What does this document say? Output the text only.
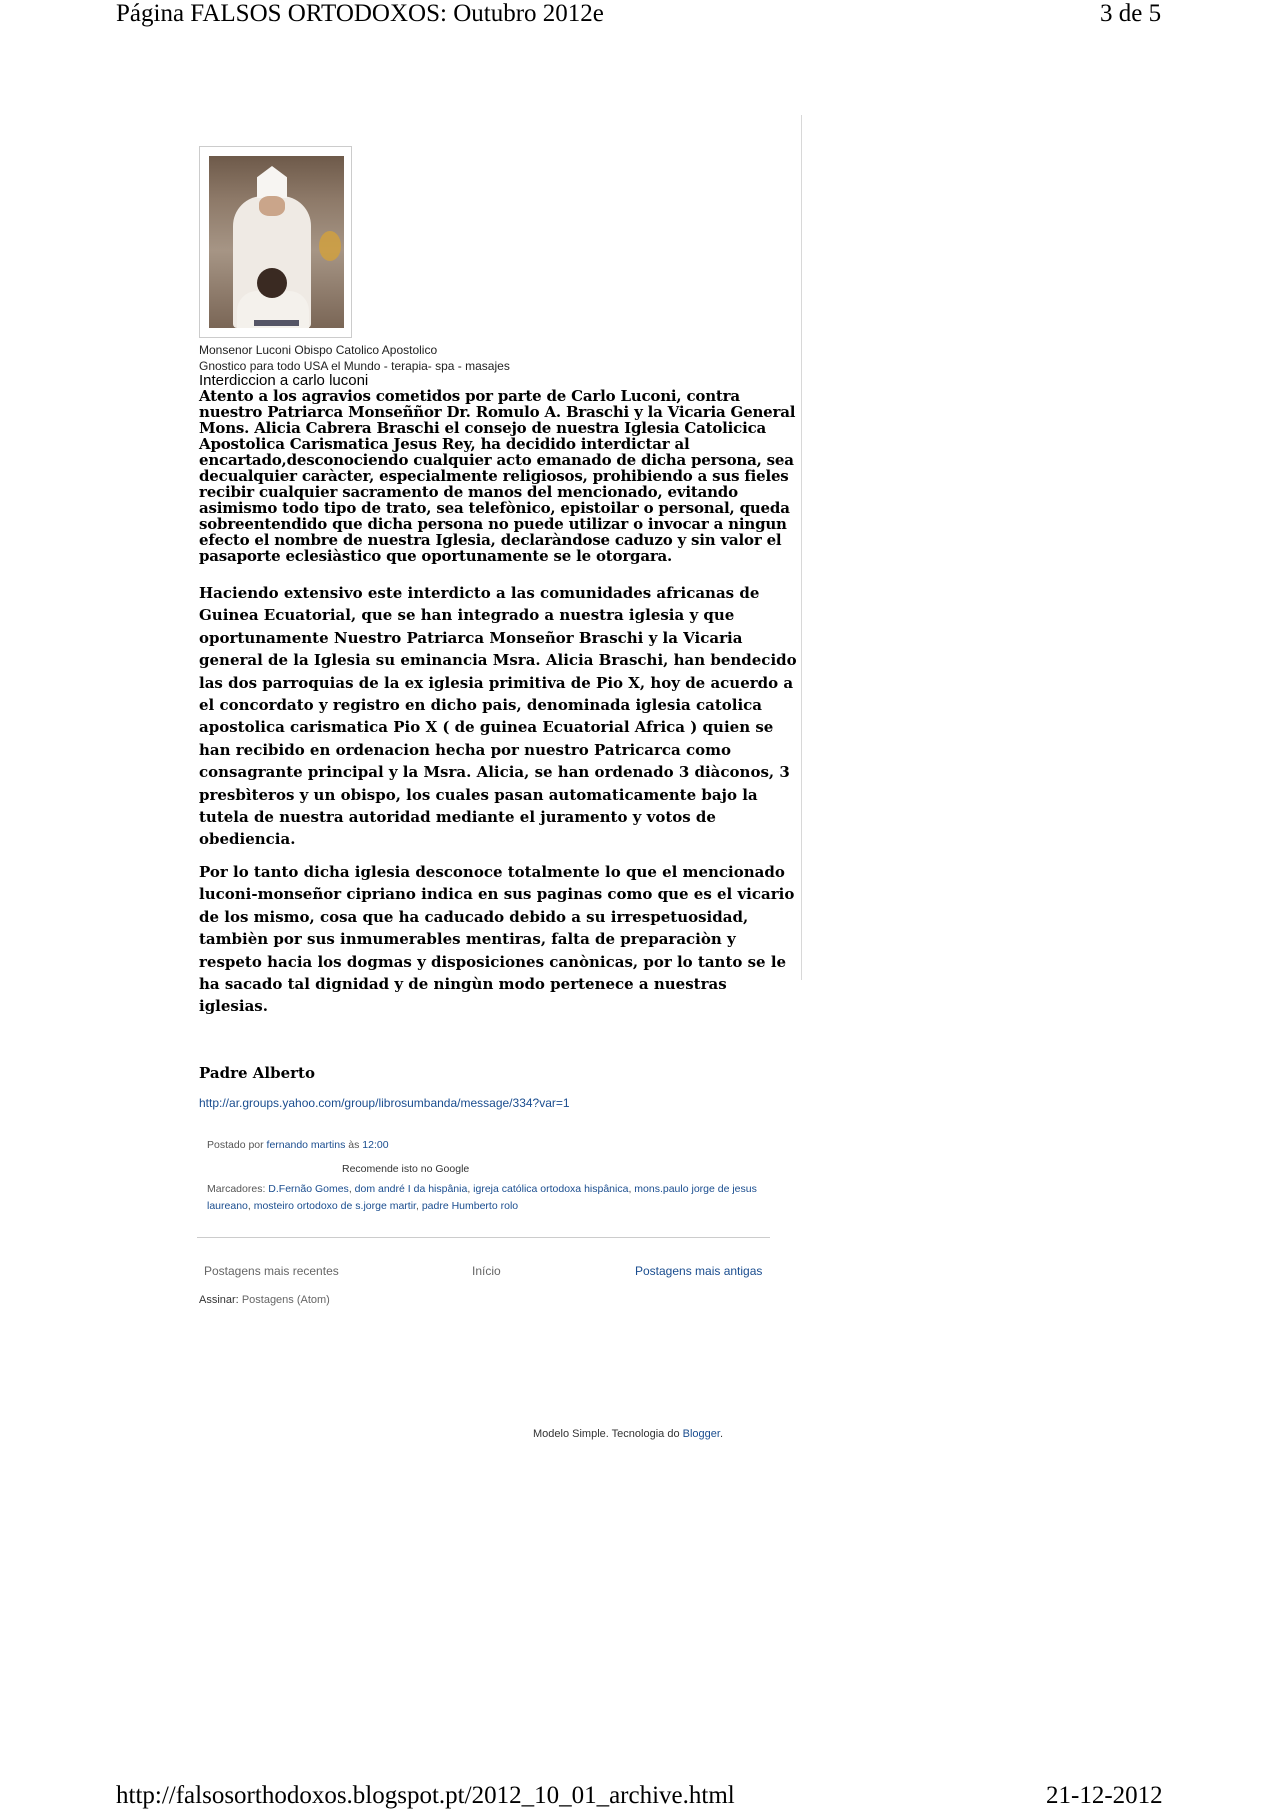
Página FALSOS ORTODOXOS: Outubro 2012e	3 de 5
Monsenor Luconi Obispo Catolico Apostolico
Gnostico para todo USA el Mundo - terapia- spa - masajes
Interdiccion a carlo luconi
Atento a los agravios cometidos por parte de Carlo Luconi, contra nuestro Patriarca Monseññor Dr. Romulo A. Braschi y la Vicaria General Mons. Alicia Cabrera Braschi el consejo de nuestra Iglesia Catolicica Apostolica Carismatica Jesus Rey, ha decidido interdictar al encartado,desconociendo cualquier acto emanado de dicha persona, sea decualquier caràcter, especialmente religiosos, prohibiendo a sus fieles recibir cualquier sacramento de manos del mencionado, evitando asimismo todo tipo de trato, sea telefònico, epistoilar o personal, queda sobreentendido que dicha persona no puede utilizar o invocar a ningun efecto el nombre de nuestra Iglesia, declaràndose caduzo y sin valor el pasaporte eclesiàstico que oportunamente se le otorgara.
Haciendo extensivo este interdicto a las comunidades africanas de Guinea Ecuatorial, que se han integrado a nuestra iglesia y que oportunamente Nuestro Patriarca Monseñor Braschi y la Vicaria general de la Iglesia su eminancia Msra. Alicia Braschi, han bendecido las dos parroquias de la ex iglesia primitiva de Pio X, hoy de acuerdo a el concordato y registro en dicho pais, denominada iglesia catolica apostolica carismatica Pio X ( de guinea Ecuatorial Africa ) quien se han recibido en ordenacion hecha por nuestro Patricarca como consagrante principal y la Msra. Alicia, se han ordenado 3 diàconos, 3 presbìteros y un obispo, los cuales pasan automaticamente bajo la tutela de nuestra autoridad mediante el juramento y votos de obediencia.
Por lo tanto dicha iglesia desconoce totalmente lo que el mencionado luconi-monseñor cipriano indica en sus paginas como que es el vicario de los mismo, cosa que ha caducado debido a su irrespetuosidad, tambièn por sus inmumerables mentiras, falta de preparaciòn y respeto hacia los dogmas y disposiciones canònicas, por lo tanto se le ha sacado tal dignidad y de ningùn modo pertenece a nuestras iglesias.
Padre Alberto
http://ar.groups.yahoo.com/group/librosumbanda/message/334?var=1
Postado por fernando martins às 12:00
Recomende isto no Google
Marcadores: D.Fernão Gomes, dom andré I da hispânia, igreja católica ortodoxa hispânica, mons.paulo jorge de jesus laureano, mosteiro ortodoxo de s.jorge martir, padre Humberto rolo
Postagens mais recentes	Início	Postagens mais antigas
Assinar: Postagens (Atom)
Modelo Simple. Tecnologia do Blogger.
http://falsosorthodoxos.blogspot.pt/2012_10_01_archive.html	21-12-2012
